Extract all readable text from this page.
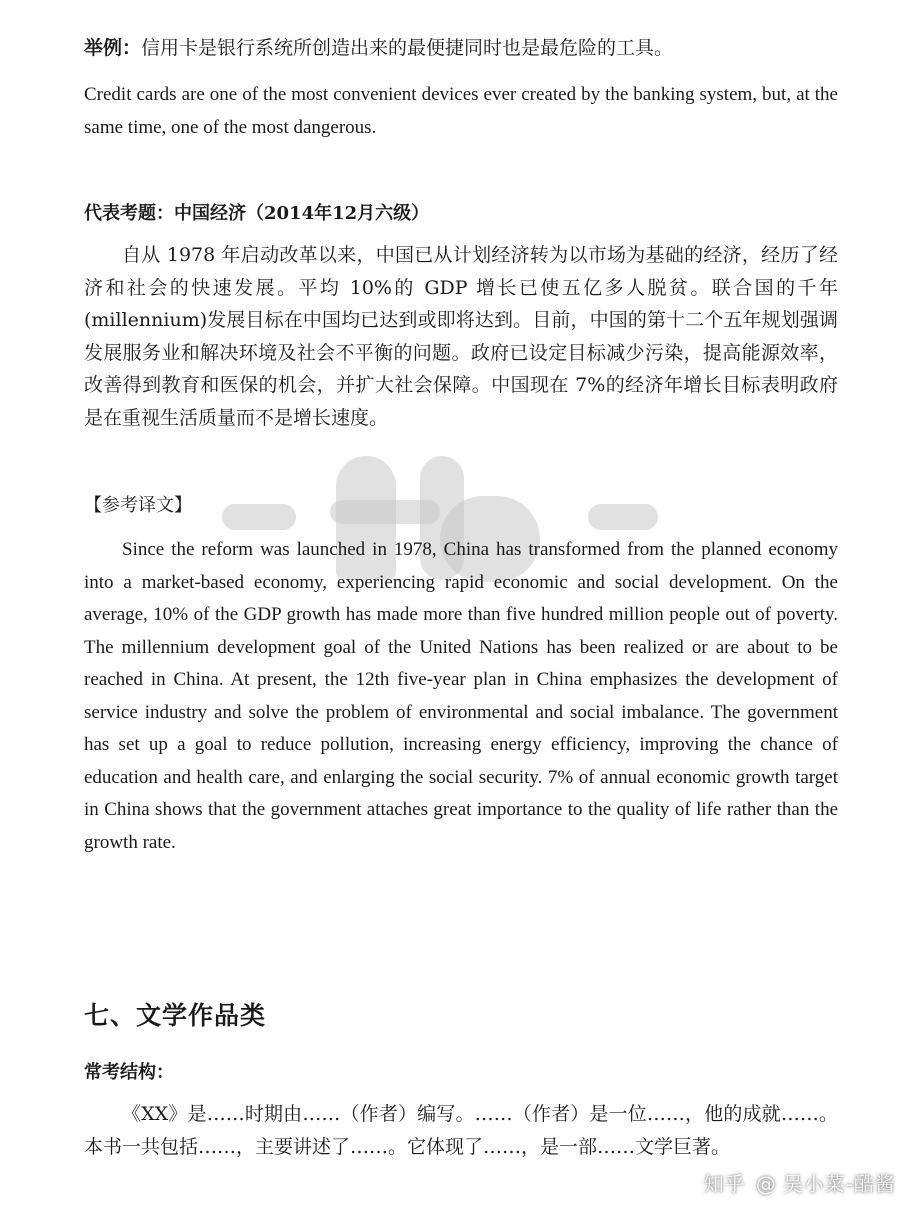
举例：信用卡是银行系统所创造出来的最便捷同时也是最危险的工具。

Credit cards are one of the most convenient devices ever created by the banking system, but, at the same time, one of the most dangerous.

代表考题：中国经济（2014年12月六级）

自从 1978 年启动改革以来，中国已从计划经济转为以市场为基础的经济，经历了经济和社会的快速发展。平均 10%的 GDP 增长已使五亿多人脱贫。联合国的千年(millennium)发展目标在中国均已达到或即将达到。目前，中国的第十二个五年规划强调发展服务业和解决环境及社会不平衡的问题。政府已设定目标减少污染，提高能源效率，改善得到教育和医保的机会，并扩大社会保障。中国现在 7%的经济年增长目标表明政府是在重视生活质量而不是增长速度。

【参考译文】

Since the reform was launched in 1978, China has transformed from the planned economy into a market-based economy, experiencing rapid economic and social development. On the average, 10% of the GDP growth has made more than five hundred million people out of poverty. The millennium development goal of the United Nations has been realized or are about to be reached in China. At present, the 12th five-year plan in China emphasizes the development of service industry and solve the problem of environmental and social imbalance. The government has set up a goal to reduce pollution, increasing energy efficiency, improving the chance of education and health care, and enlarging the social security. 7% of annual economic growth target in China shows that the government attaches great importance to the quality of life rather than the growth rate.

七、文学作品类

常考结构：

《XX》是……时期由……（作者）编写。……（作者）是一位……，他的成就……。本书一共包括……，主要讲述了……。它体现了……，是一部……文学巨著。

知乎 @ 吴小菜-酷酱
